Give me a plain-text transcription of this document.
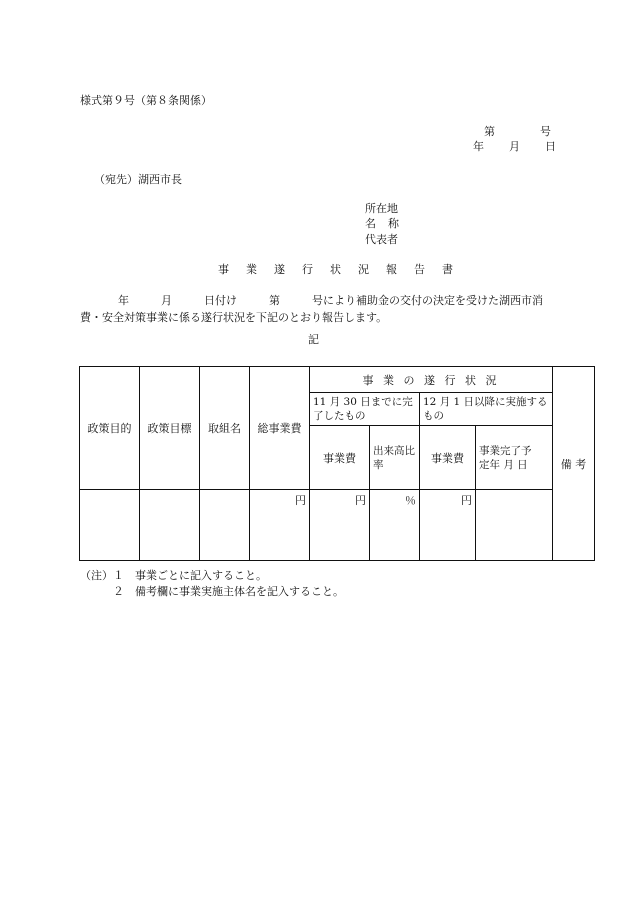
様式第９号（第８条関係）
第	号
年 月 日
（宛先）湖西市長
所在地
名 称
代表者
事 業 遂 行 状 況 報 告 書
年	月	日付け	第	号により補助金の交付の決定を受けた湖西市消
費・安全対策事業に係る遂行状況を下記のとおり報告します。
記
政策目的	政策目標	取組名	総事業費	事 業 の 遂 行 状 況				備 考
				11 月 30 日までに完了したもの		12 月 1 日以降に実施するもの		
				事業費	出来高比 率	事業費	事業完了予　　定年 月 日	
			円	円	％	円		
（注）１　事業ごとに記入すること。
２　備考欄に事業実施主体名を記入すること。
